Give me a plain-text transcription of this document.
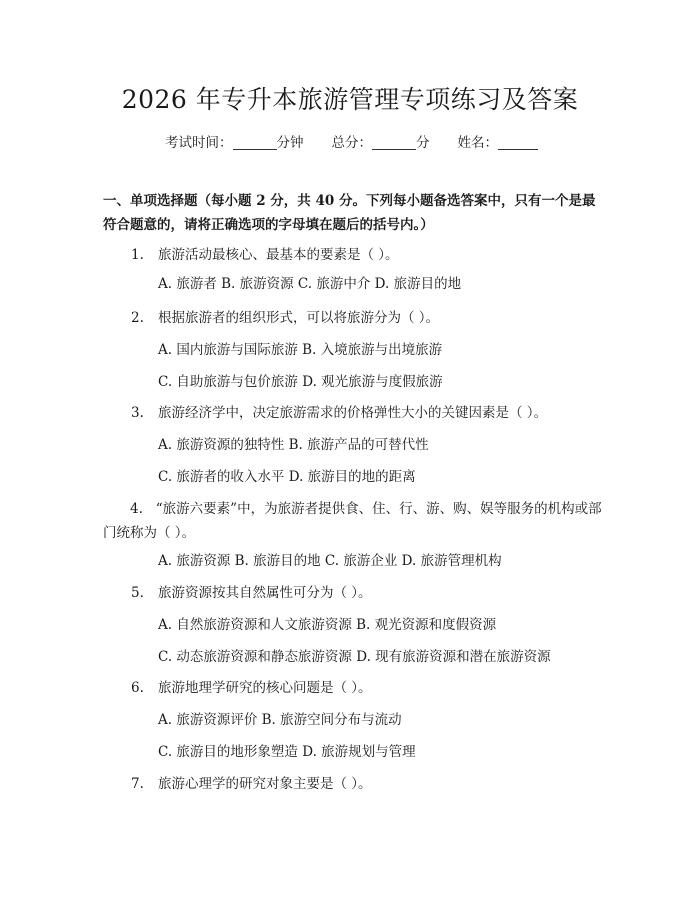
2026 年专升本旅游管理专项练习及答案
考试时间：	分钟 总分：	分 姓名：
一、单项选择题（每小题 2 分，共 40 分。下列每小题备选答案中，只有一个是最符合题意的，请将正确选项的字母填在题后的括号内。）
1. 旅游活动最核心、最基本的要素是（ ）。
A. 旅游者 B. 旅游资源 C. 旅游中介 D. 旅游目的地
2. 根据旅游者的组织形式，可以将旅游分为（ ）。
A. 国内旅游与国际旅游 B. 入境旅游与出境旅游
C. 自助旅游与包价旅游 D. 观光旅游与度假旅游
3. 旅游经济学中，决定旅游需求的价格弹性大小的关键因素是（ ）。
A. 旅游资源的独特性 B. 旅游产品的可替代性
C. 旅游者的收入水平 D. 旅游目的地的距离
4. “旅游六要素”中，为旅游者提供食、住、行、游、购、娱等服务的机构或部门统称为（ ）。
A. 旅游资源 B. 旅游目的地 C. 旅游企业 D. 旅游管理机构
5. 旅游资源按其自然属性可分为（ ）。
A. 自然旅游资源和人文旅游资源 B. 观光资源和度假资源
C. 动态旅游资源和静态旅游资源 D. 现有旅游资源和潜在旅游资源
6. 旅游地理学研究的核心问题是（ ）。
A. 旅游资源评价 B. 旅游空间分布与流动
C. 旅游目的地形象塑造 D. 旅游规划与管理
7. 旅游心理学的研究对象主要是（ ）。
